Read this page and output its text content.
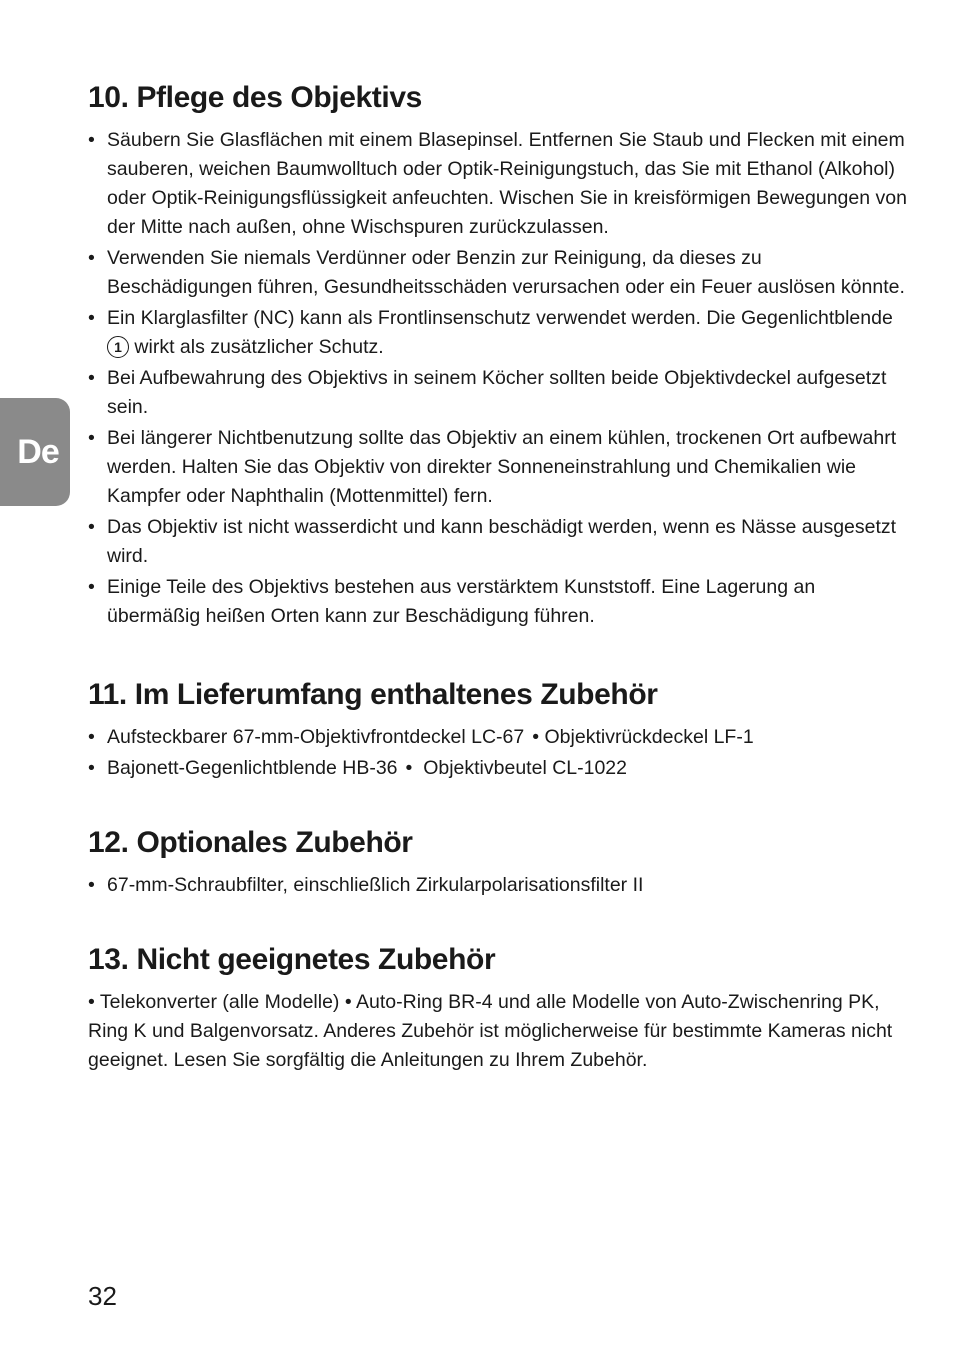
De
10. Pflege des Objektivs
• Säubern Sie Glasflächen mit einem Blasepinsel. Entfernen Sie Staub und Flecken mit einem sauberen, weichen Baumwolltuch oder Optik-Reinigungstuch, das Sie mit Ethanol (Alkohol) oder Optik-Reinigungsflüssigkeit anfeuchten. Wischen Sie in kreisförmigen Bewegungen von der Mitte nach außen, ohne Wischspuren zurückzulassen.
• Verwenden Sie niemals Verdünner oder Benzin zur Reinigung, da dieses zu Beschädigungen führen, Gesundheitsschäden verursachen oder ein Feuer auslösen könnte.
• Ein Klarglasfilter (NC) kann als Frontlinsenschutz verwendet werden. Die Gegenlichtblende 1 wirkt als zusätzlicher Schutz.
• Bei Aufbewahrung des Objektivs in seinem Köcher sollten beide Objektivdeckel aufgesetzt sein.
• Bei längerer Nichtbenutzung sollte das Objektiv an einem kühlen, trockenen Ort aufbewahrt werden. Halten Sie das Objektiv von direkter Sonneneinstrahlung und Chemikalien wie Kampfer oder Naphthalin (Mottenmittel) fern.
• Das Objektiv ist nicht wasserdicht und kann beschädigt werden, wenn es Nässe ausgesetzt wird.
• Einige Teile des Objektivs bestehen aus verstärktem Kunststoff. Eine Lagerung an übermäßig heißen Orten kann zur Beschädigung führen.
11. Im Lieferumfang enthaltenes Zubehör
• Aufsteckbarer 67-mm-Objektivfrontdeckel LC-67 • Objektivrückdeckel LF-1
• Bajonett-Gegenlichtblende HB-36 •  Objektivbeutel CL-1022
12. Optionales Zubehör
• 67-mm-Schraubfilter, einschließlich Zirkularpolarisationsfilter II
13. Nicht geeignetes Zubehör

• Telekonverter (alle Modelle) • Auto-Ring BR-4 und alle Modelle von Auto-Zwischenring PK, Ring K und Balgenvorsatz. Anderes Zubehör ist möglicherweise für bestimmte Kameras nicht geeignet. Lesen Sie sorgfältig die Anleitungen zu Ihrem Zubehör.

32
